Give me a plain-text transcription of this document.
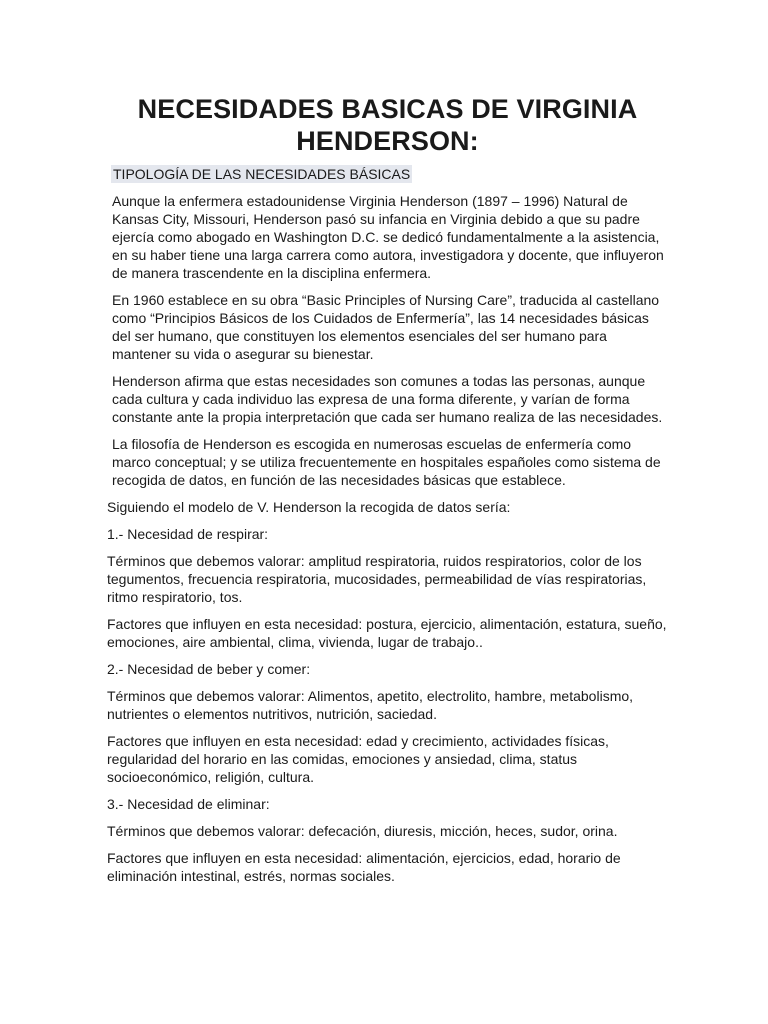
NECESIDADES BASICAS DE VIRGINIA HENDERSON:
TIPOLOGÍA DE LAS NECESIDADES BÁSICAS

Aunque la enfermera estadounidense Virginia Henderson (1897 – 1996) Natural de Kansas City, Missouri, Henderson pasó su infancia en Virginia debido a que su padre ejercía como abogado en Washington D.C. se dedicó fundamentalmente a la asistencia, en su haber tiene una larga carrera como autora, investigadora y docente, que influyeron de manera trascendente en la disciplina enfermera.

En 1960 establece en su obra “Basic Principles of Nursing Care”, traducida al castellano como “Principios Básicos de los Cuidados de Enfermería”, las 14 necesidades básicas del ser humano, que constituyen los elementos esenciales del ser humano para mantener su vida o asegurar su bienestar.

Henderson afirma que estas necesidades son comunes a todas las personas, aunque cada cultura y cada individuo las expresa de una forma diferente, y varían de forma constante ante la propia interpretación que cada ser humano realiza de las necesidades.

La filosofía de Henderson es escogida en numerosas escuelas de enfermería como marco conceptual; y se utiliza frecuentemente en hospitales españoles como sistema de recogida de datos, en función de las necesidades básicas que establece.

Siguiendo el modelo de V. Henderson la recogida de datos sería:

1.- Necesidad de respirar:

Términos que debemos valorar: amplitud respiratoria, ruidos respiratorios, color de los tegumentos, frecuencia respiratoria, mucosidades, permeabilidad de vías respiratorias, ritmo respiratorio, tos.

Factores que influyen en esta necesidad: postura, ejercicio, alimentación, estatura, sueño, emociones, aire ambiental, clima, vivienda, lugar de trabajo..

2.- Necesidad de beber y comer:

Términos que debemos valorar: Alimentos, apetito, electrolito, hambre, metabolismo, nutrientes o elementos nutritivos, nutrición, saciedad.

Factores que influyen en esta necesidad: edad y crecimiento, actividades físicas, regularidad del horario en las comidas, emociones y ansiedad, clima, status socioeconómico, religión, cultura.

3.- Necesidad de eliminar:

Términos que debemos valorar: defecación, diuresis, micción, heces, sudor, orina.

Factores que influyen en esta necesidad: alimentación, ejercicios, edad, horario de eliminación intestinal, estrés, normas sociales.
